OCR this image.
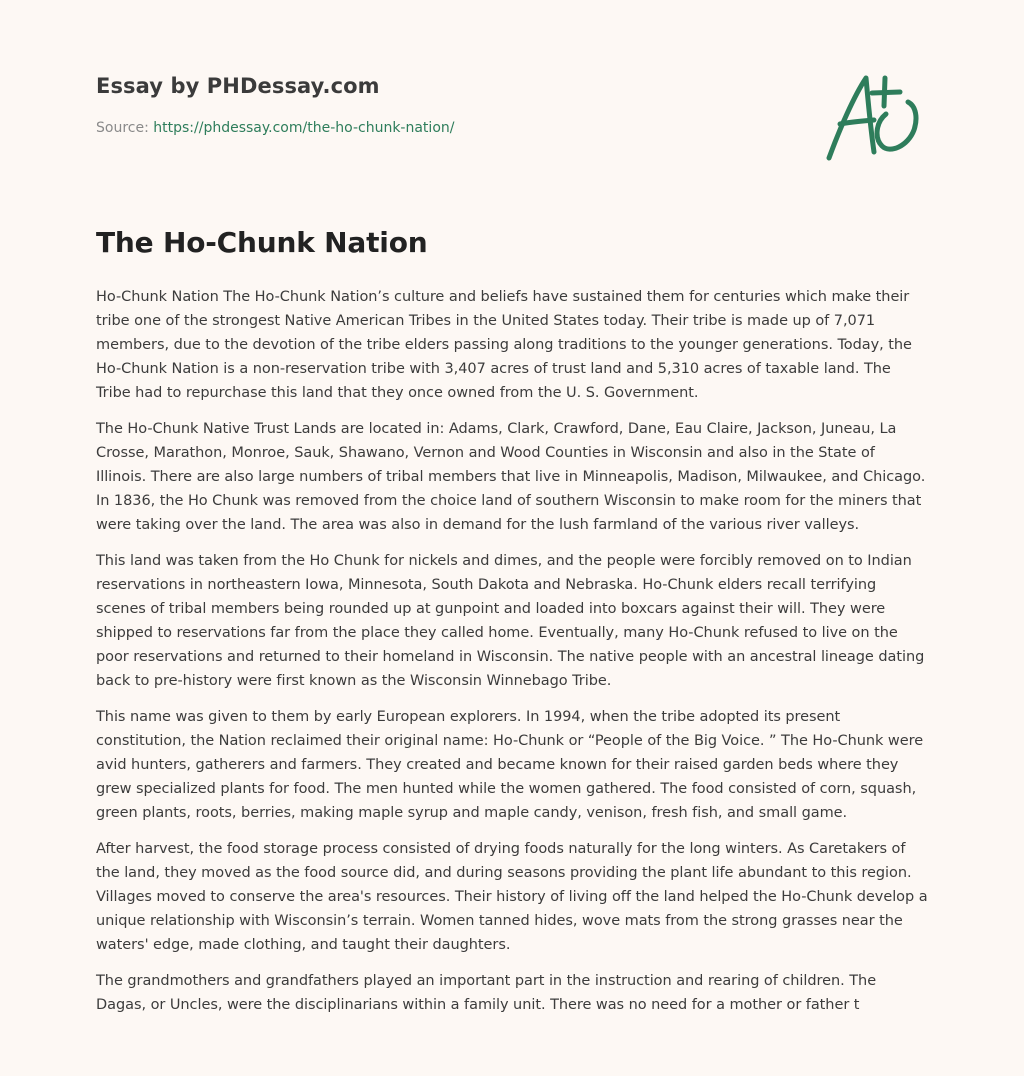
Essay by PHDessay.com
Source: https://phdessay.com/the-ho-chunk-nation/
The Ho-Chunk Nation

Ho-Chunk Nation The Ho-Chunk Nation’s culture and beliefs have sustained them for centuries which make their tribe one of the strongest Native American Tribes in the United States today. Their tribe is made up of 7,071 members, due to the devotion of the tribe elders passing along traditions to the younger generations. Today, the Ho-Chunk Nation is a non-reservation tribe with 3,407 acres of trust land and 5,310 acres of taxable land. The Tribe had to repurchase this land that they once owned from the U. S. Government.

The Ho-Chunk Native Trust Lands are located in: Adams, Clark, Crawford, Dane, Eau Claire, Jackson, Juneau, La Crosse, Marathon, Monroe, Sauk, Shawano, Vernon and Wood Counties in Wisconsin and also in the State of Illinois. There are also large numbers of tribal members that live in Minneapolis, Madison, Milwaukee, and Chicago. In 1836, the Ho Chunk was removed from the choice land of southern Wisconsin to make room for the miners that were taking over the land. The area was also in demand for the lush farmland of the various river valleys.

This land was taken from the Ho Chunk for nickels and dimes, and the people were forcibly removed on to Indian reservations in northeastern Iowa, Minnesota, South Dakota and Nebraska. Ho-Chunk elders recall terrifying scenes of tribal members being rounded up at gunpoint and loaded into boxcars against their will. They were shipped to reservations far from the place they called home. Eventually, many Ho-Chunk refused to live on the poor reservations and returned to their homeland in Wisconsin. The native people with an ancestral lineage dating back to pre-history were first known as the Wisconsin Winnebago Tribe.

This name was given to them by early European explorers. In 1994, when the tribe adopted its present constitution, the Nation reclaimed their original name: Ho-Chunk or “People of the Big Voice. ” The Ho-Chunk were avid hunters, gatherers and farmers. They created and became known for their raised garden beds where they grew specialized plants for food. The men hunted while the women gathered. The food consisted of corn, squash, green plants, roots, berries, making maple syrup and maple candy, venison, fresh fish, and small game.

After harvest, the food storage process consisted of drying foods naturally for the long winters. As Caretakers of the land, they moved as the food source did, and during seasons providing the plant life abundant to this region. Villages moved to conserve the area's resources. Their history of living off the land helped the Ho-Chunk develop a unique relationship with Wisconsin’s terrain. Women tanned hides, wove mats from the strong grasses near the waters' edge, made clothing, and taught their daughters.

The grandmothers and grandfathers played an important part in the instruction and rearing of children. The Dagas, or Uncles, were the disciplinarians within a family unit. There was no need for a mother or father t
